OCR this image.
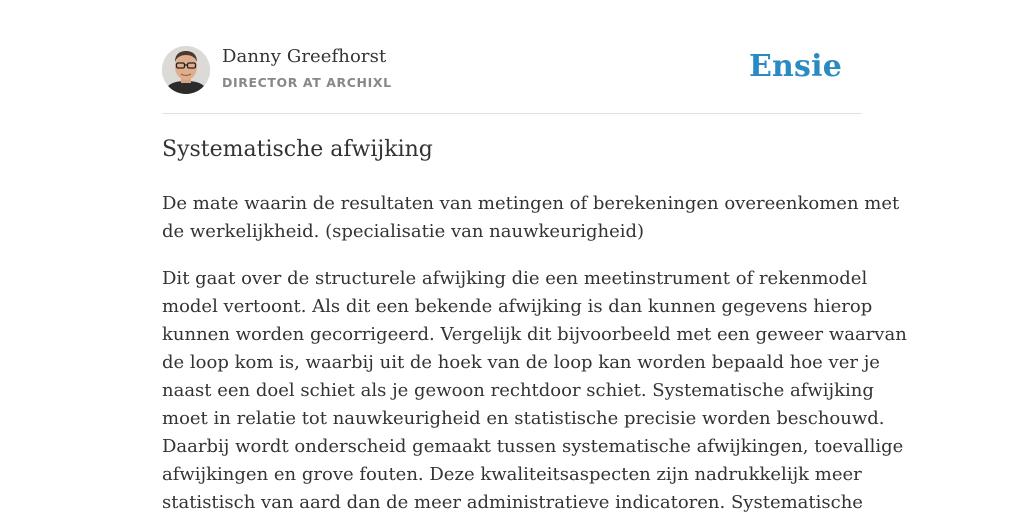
Danny Greefhorst
DIRECTOR AT ARCHIXL	Ensie
Systematische afwijking

De mate waarin de resultaten van metingen of berekeningen overeenkomen met
de werkelijkheid. (specialisatie van nauwkeurigheid)

Dit gaat over de structurele afwijking die een meetinstrument of rekenmodel
model vertoont. Als dit een bekende afwijking is dan kunnen gegevens hierop
kunnen worden gecorrigeerd. Vergelijk dit bijvoorbeeld met een geweer waarvan
de loop kom is, waarbij uit de hoek van de loop kan worden bepaald hoe ver je
naast een doel schiet als je gewoon rechtdoor schiet. Systematische afwijking
moet in relatie tot nauwkeurigheid en statistische precisie worden beschouwd.
Daarbij wordt onderscheid gemaakt tussen systematische afwijkingen, toevallige
afwijkingen en grove fouten. Deze kwaliteitsaspecten zijn nadrukkelijk meer
statistisch van aard dan de meer administratieve indicatoren. Systematische
